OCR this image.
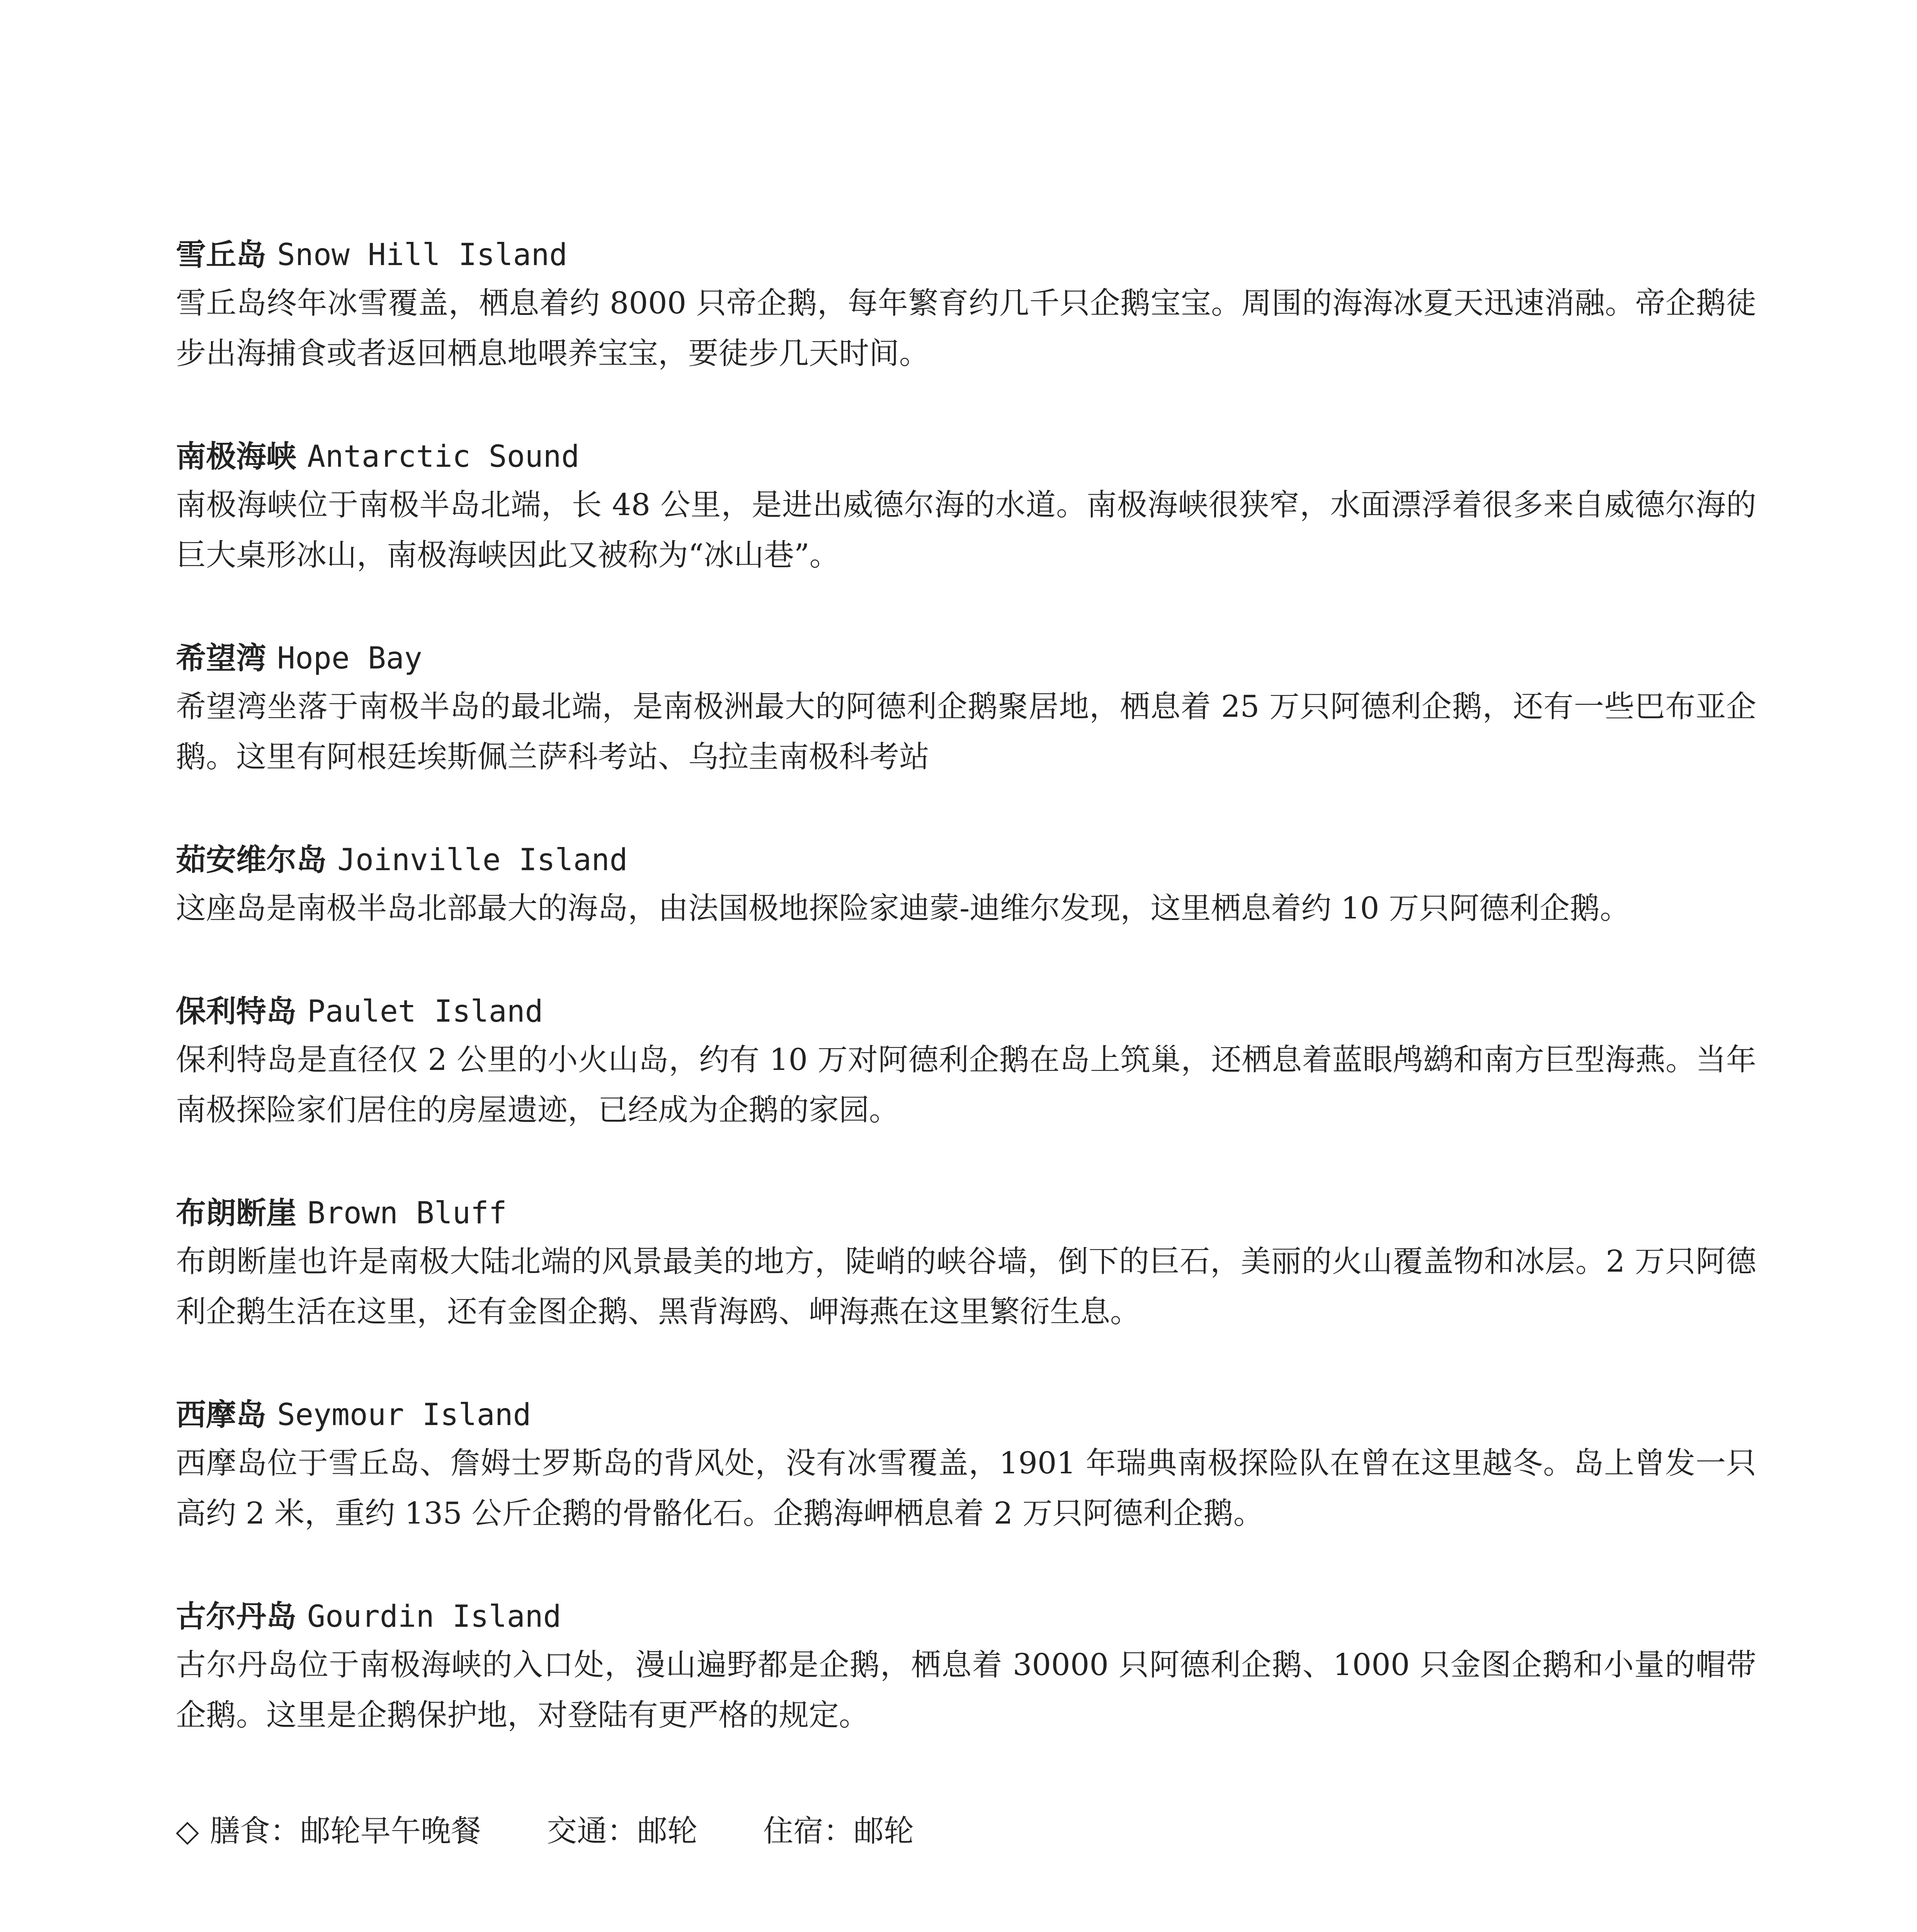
雪丘岛 Snow Hill Island
雪丘岛终年冰雪覆盖，栖息着约 8000 只帝企鹅，每年繁育约几千只企鹅宝宝。周围的海海冰夏天迅速消融。帝企鹅徒步出海捕食或者返回栖息地喂养宝宝，要徒步几天时间。
南极海峡 Antarctic Sound
南极海峡位于南极半岛北端，长 48 公里，是进出威德尔海的水道。南极海峡很狭窄，水面漂浮着很多来自威德尔海的巨大桌形冰山，南极海峡因此又被称为“冰山巷”。
希望湾 Hope Bay
希望湾坐落于南极半岛的最北端，是南极洲最大的阿德利企鹅聚居地，栖息着 25 万只阿德利企鹅，还有一些巴布亚企鹅。这里有阿根廷埃斯佩兰萨科考站、乌拉圭南极科考站
茹安维尔岛 Joinville Island
这座岛是南极半岛北部最大的海岛，由法国极地探险家迪蒙-迪维尔发现，这里栖息着约 10 万只阿德利企鹅。
保利特岛 Paulet Island
保利特岛是直径仅 2 公里的小火山岛，约有 10 万对阿德利企鹅在岛上筑巢，还栖息着蓝眼鸬鹚和南方巨型海燕。当年南极探险家们居住的房屋遗迹，已经成为企鹅的家园。
布朗断崖 Brown Bluff
布朗断崖也许是南极大陆北端的风景最美的地方，陡峭的峡谷墙，倒下的巨石，美丽的火山覆盖物和冰层。2 万只阿德利企鹅生活在这里，还有金图企鹅、黑背海鸥、岬海燕在这里繁衍生息。
西摩岛 Seymour Island
西摩岛位于雪丘岛、詹姆士罗斯岛的背风处，没有冰雪覆盖，1901 年瑞典南极探险队在曾在这里越冬。岛上曾发一只高约 2 米，重约 135 公斤企鹅的骨骼化石。企鹅海岬栖息着 2 万只阿德利企鹅。
古尔丹岛 Gourdin Island
古尔丹岛位于南极海峡的入口处，漫山遍野都是企鹅，栖息着 30000 只阿德利企鹅、1000 只金图企鹅和小量的帽带企鹅。这里是企鹅保护地，对登陆有更严格的规定。
◇ 膳食：邮轮早午晚餐 交通：邮轮 住宿：邮轮
